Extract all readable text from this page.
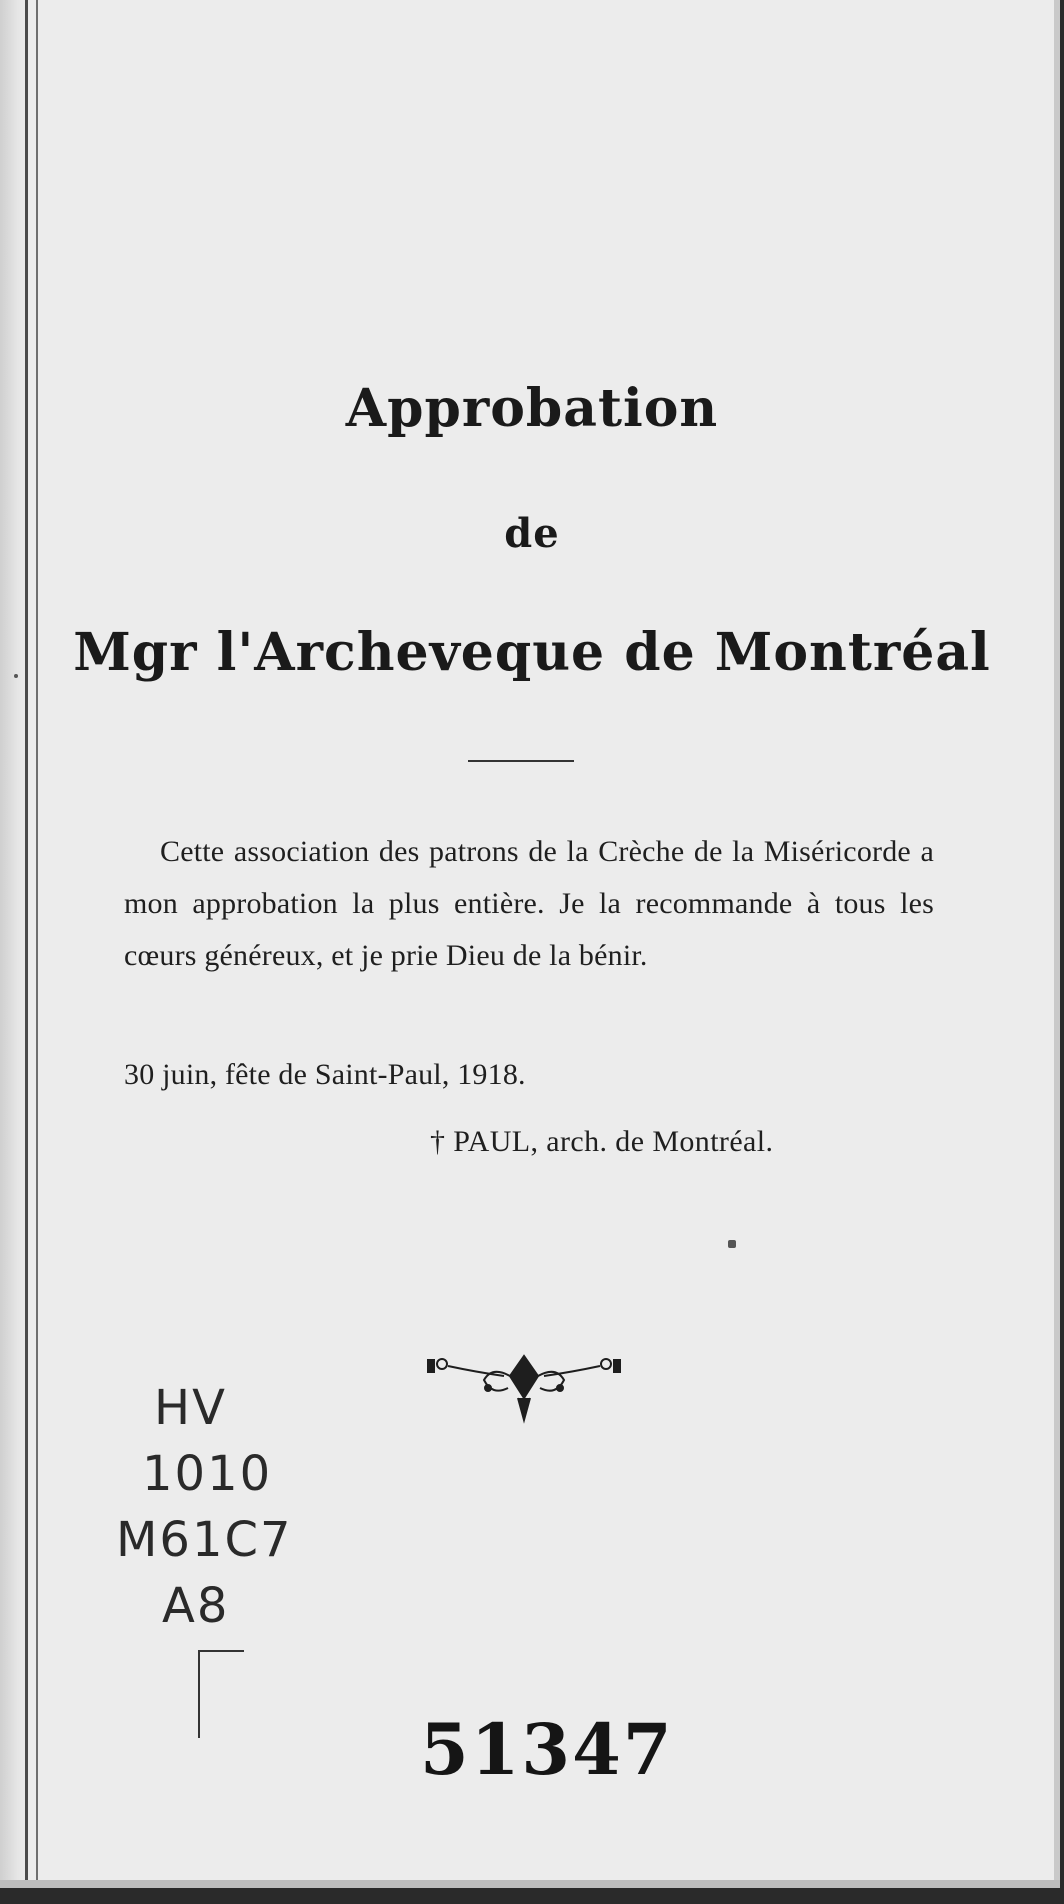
Approbation
de
Mgr l'Archeveque de Montréal
Cette association des patrons de la Crèche de la Miséricorde a mon approbation la plus entière. Je la recommande à tous les cœurs généreux, et je prie Dieu de la bénir.
30 juin, fête de Saint-Paul, 1918.
† PAUL, arch. de Montréal.
HV
1010
M61C7
A8
51347
